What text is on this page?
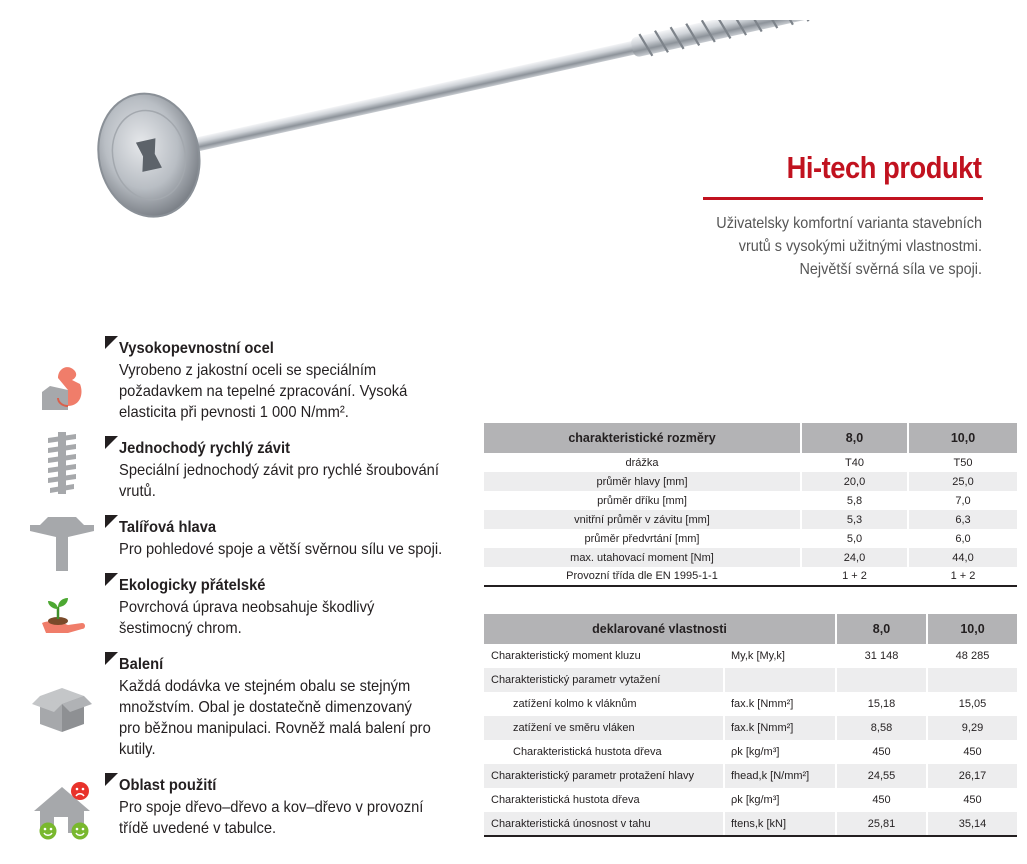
Hi-tech produkt
Uživatelsky komfortní varianta stavebních
vrutů s vysokými užitnými vlastnostmi.
Největší svěrná síla ve spoji.
Vysokopevnostní ocel
Vyrobeno z jakostní oceli se speciálním
požadavkem na tepelné zpracování. Vysoká
elasticita při pevnosti 1 000 N/mm².
Jednochodý rychlý závit
Speciální jednochodý závit pro rychlé šroubování
vrutů.
Talířová hlava
Pro pohledové spoje a větší svěrnou sílu ve spoji.
Ekologicky přátelské
Povrchová úprava neobsahuje škodlivý
šestimocný chrom.
Balení
Každá dodávka ve stejném obalu se stejným
množstvím. Obal je dostatečně dimenzovaný
pro běžnou manipulaci. Rovněž malá balení pro
kutily.
Oblast použití
Pro spoje dřevo–dřevo a kov–dřevo v provozní
třídě uvedené v tabulce.
charakteristické rozměry	8,0	10,0
drážka	T40	T50
průměr hlavy [mm]	20,0	25,0
průměr dříku [mm]	5,8	7,0
vnitřní průměr v závitu [mm]	5,3	6,3
průměr předvrtání [mm]	5,0	6,0
max. utahovací moment [Nm]	24,0	44,0
Provozní třída dle EN 1995-1-1	1 + 2	1 + 2
deklarované vlastnosti		8,0	10,0
Charakteristický moment kluzu	My,k [My,k]	31 148	48 285
Charakteristický parametr vytažení			
zatížení kolmo k vláknům	fax.k [Nmm²]	15,18	15,05
zatížení ve směru vláken	fax.k [Nmm²]	8,58	9,29
Charakteristická hustota dřeva	ρk [kg/m³]	450	450
Charakteristický parametr protažení hlavy	fhead,k [N/mm²]	24,55	26,17
Charakteristická hustota dřeva	ρk [kg/m³]	450	450
Charakteristická únosnost v tahu	ftens,k [kN]	25,81	35,14
